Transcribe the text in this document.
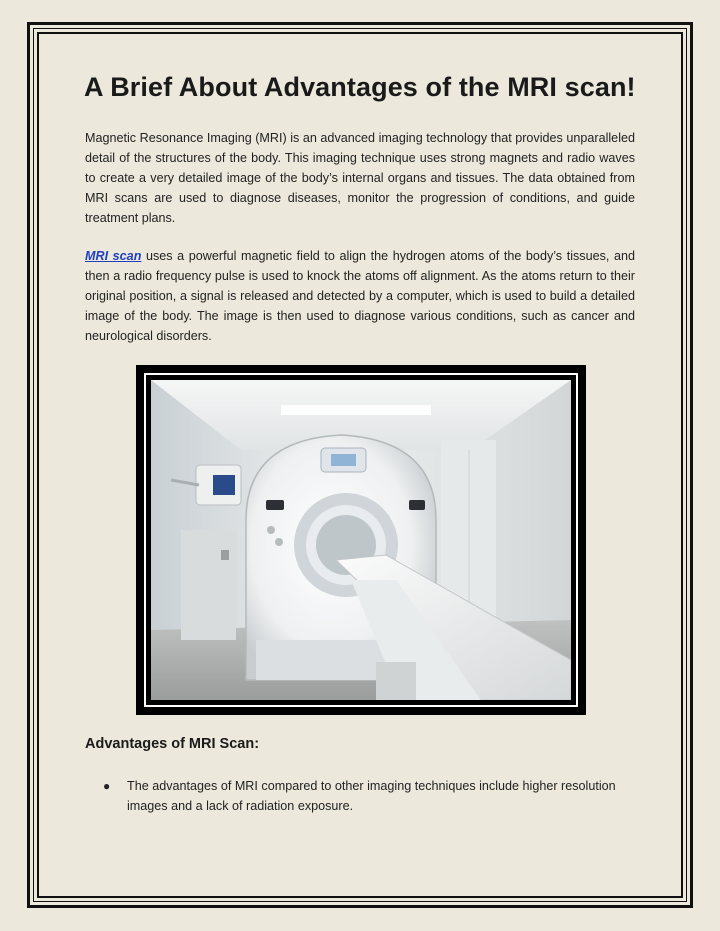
A Brief About Advantages of the MRI scan!

Magnetic Resonance Imaging (MRI) is an advanced imaging technology that provides unparalleled detail of the structures of the body. This imaging technique uses strong magnets and radio waves to create a very detailed image of the body’s internal organs and tissues. The data obtained from MRI scans are used to diagnose diseases, monitor the progression of conditions, and guide treatment plans.

MRI scan uses a powerful magnetic field to align the hydrogen atoms of the body’s tissues, and then a radio frequency pulse is used to knock the atoms off alignment. As the atoms return to their original position, a signal is released and detected by a computer, which is used to build a detailed image of the body. The image is then used to diagnose various conditions, such as cancer and neurological disorders.

Advantages of MRI Scan:
● The advantages of MRI compared to other imaging techniques include higher resolution images and a lack of radiation exposure.
